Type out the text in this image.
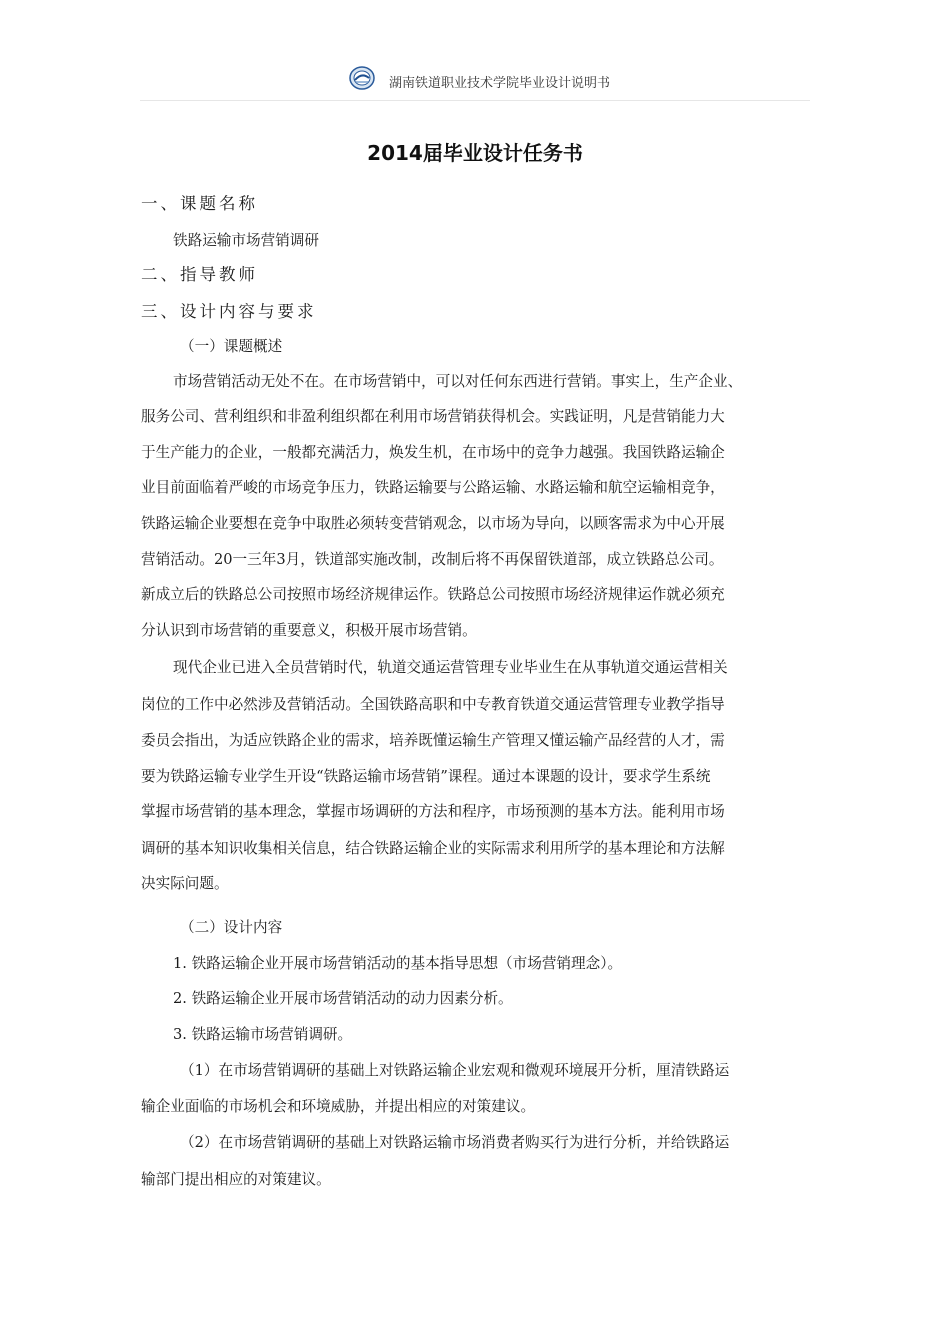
湖南铁道职业技术学院毕业设计说明书
2014届毕业设计任务书
一、课题名称
铁路运输市场营销调研
二、指导教师
三、设计内容与要求
（一）课题概述
市场营销活动无处不在。在市场营销中，可以对任何东西进行营销。事实上，生产企业、
服务公司、营利组织和非盈利组织都在利用市场营销获得机会。实践证明，凡是营销能力大
于生产能力的企业，一般都充满活力，焕发生机，在市场中的竞争力越强。我国铁路运输企
业目前面临着严峻的市场竞争压力，铁路运输要与公路运输、水路运输和航空运输相竞争，
铁路运输企业要想在竞争中取胜必须转变营销观念，以市场为导向，以顾客需求为中心开展
营销活动。20一三年3月，铁道部实施改制，改制后将不再保留铁道部，成立铁路总公司。
新成立后的铁路总公司按照市场经济规律运作。铁路总公司按照市场经济规律运作就必须充
分认识到市场营销的重要意义，积极开展市场营销。
现代企业已进入全员营销时代，轨道交通运营管理专业毕业生在从事轨道交通运营相关
岗位的工作中必然涉及营销活动。全国铁路高职和中专教育铁道交通运营管理专业教学指导
委员会指出，为适应铁路企业的需求，培养既懂运输生产管理又懂运输产品经营的人才，需
要为铁路运输专业学生开设“铁路运输市场营销”课程。通过本课题的设计，要求学生系统
掌握市场营销的基本理念，掌握市场调研的方法和程序，市场预测的基本方法。能利用市场
调研的基本知识收集相关信息，结合铁路运输企业的实际需求利用所学的基本理论和方法解
决实际问题。
（二）设计内容
1. 铁路运输企业开展市场营销活动的基本指导思想（市场营销理念）。
2. 铁路运输企业开展市场营销活动的动力因素分析。
3. 铁路运输市场营销调研。
（1）在市场营销调研的基础上对铁路运输企业宏观和微观环境展开分析，厘清铁路运
输企业面临的市场机会和环境威胁，并提出相应的对策建议。
（2）在市场营销调研的基础上对铁路运输市场消费者购买行为进行分析，并给铁路运
输部门提出相应的对策建议。
